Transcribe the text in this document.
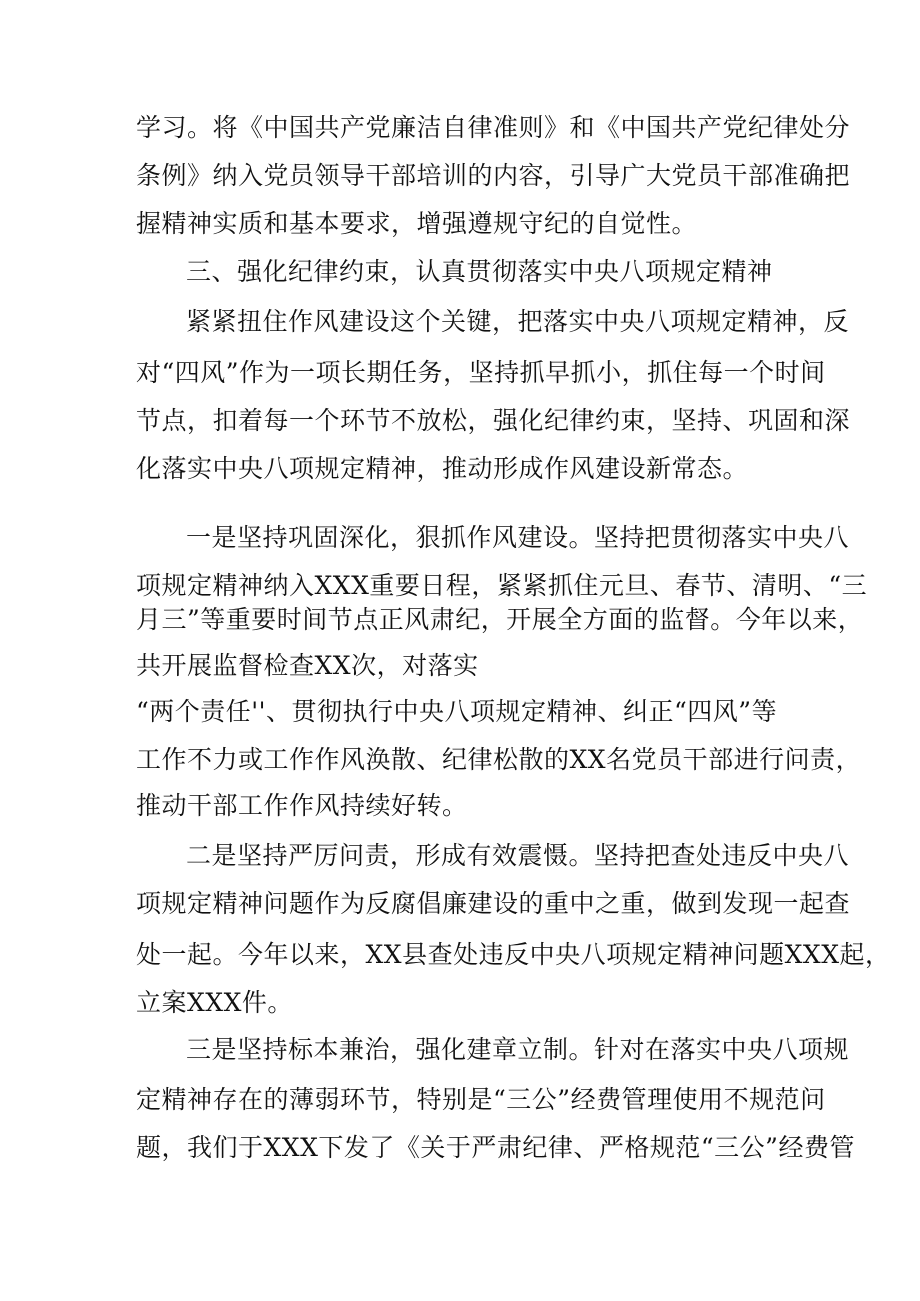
学习。将《中国共产党廉洁自律准则》和《中国共产党纪律处分
条例》纳入党员领导干部培训的内容，引导广大党员干部准确把
握精神实质和基本要求，增强遵规守纪的自觉性。
三、强化纪律约束，认真贯彻落实中央八项规定精神
紧紧扭住作风建设这个关键，把落实中央八项规定精神，反
对“四风”作为一项长期任务，坚持抓早抓小，抓住每一个时间
节点，扣着每一个环节不放松，强化纪律约束，坚持、巩固和深
化落实中央八项规定精神，推动形成作风建设新常态。
一是坚持巩固深化，狠抓作风建设。坚持把贯彻落实中央八
项规定精神纳入XXX重要日程，紧紧抓住元旦、春节、清明、“三
月三”等重要时间节点正风肃纪，开展全方面的监督。今年以来，
共开展监督检查XX次，对落实
“两个责任''、贯彻执行中央八项规定精神、纠正“四风”等
工作不力或工作作风涣散、纪律松散的XX名党员干部进行问责，
推动干部工作作风持续好转。
二是坚持严厉问责，形成有效震慑。坚持把查处违反中央八
项规定精神问题作为反腐倡廉建设的重中之重，做到发现一起查
处一起。今年以来，XX县查处违反中央八项规定精神问题XXX起，
立案XXX件。
三是坚持标本兼治，强化建章立制。针对在落实中央八项规
定精神存在的薄弱环节，特别是“三公”经费管理使用不规范问
题，我们于XXX下发了《关于严肃纪律、严格规范“三公”经费管
